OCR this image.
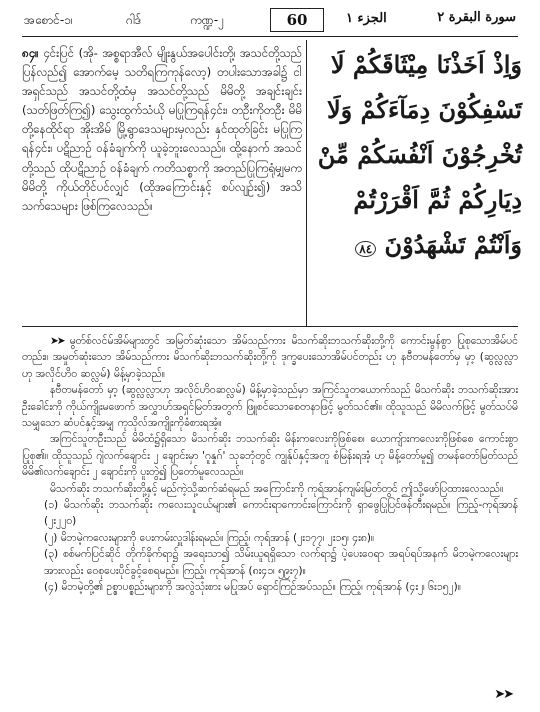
အစောင်-၁၊	ဂါဒ်	ကဏ္ဍ-၂	60	الجزء ١	سورة البقرة ٢

၈၄။ ၄င်းပြင် (အို- အစ္စရာအီလ် မျိုးနွယ်အပေါင်းတို့၊ အသင်တို့သည် ပြန်လည်၍ အောက်မေ့ သတိရကြကုန်လော့) တပါးသောအခါ၌ ငါအရှင်သည် အသင်တို့ထံမှ အသင်တို့သည် မိမိတို့ အချင်းချင်း (သတ်ဖြတ်ကြ၍) သွေးထွက်သံယို မပြုကြရန်၄င်း၊ တဦးကိုတဦး မိမိတို့နေထိုင်ရာ အိုးအိမ် မြို့ရွာဒေသများမှလည်း နှင်ထုတ်ခြင်း မပြုကြရန်၄င်း၊ ပဋိညာဉ် ဝန်ခံချက်ကို ယူခဲ့ဘူးလေသည်။ ထို့နောက် အသင်တို့သည် ထိုပဋိညာဉ် ဝန်ခံချက် ကတိသစ္စာကို အတည်ပြုကြရုံမျှမက မိမိတို့ ကိုယ်တိုင်ပင်လျှင် (ထိုအကြောင်းနှင့် စပ်လျဉ်း၍) အသိသက်သေများ ဖြစ်ကြလေသည်။

وَاِذْ اَخَذْنَا مِيْثَاقَكُمْ لَا
تَسْفِكُوْنَ دِمَآءَكُمْ وَلَا
تُخْرِجُوْنَ اَنْفُسَكُمْ مِّنْ
دِيَارِكُمْ ثُمَّ اَقْرَرْتُمْ
وَاَنْتُمْ تَشْهَدُوْنَ ٨٤

➤➤ မွတ်စ်လင်မ်အိမ်များတွင် အမြတ်ဆုံးသော အိမ်သည်ကား မိသက်ဆိုးဘသက်ဆိုးတို့ကို ကောင်းမွန်စွာ ပြုစုသောအိမ်ပင်တည်း။ အမှုတ်ဆုံးသော အိမ်သည်ကား မိသက်ဆိုးဘသက်ဆိုးတို့ကို ဒုက္ခပေးသောအိမ်ပင်တည်း ဟု နဗီတမန်တော်မှ မှာ့ (ဆွလ္လလ္လာဟု အလိုင်ဟိဝ ဆလ္လမ်) မိန့်မှာခဲ့သည်။

နဗီတမန်တော် မှာ့ (ဆွလ္လလ္လာဟု အလိုင်ဟိဝဆလ္လမ်) မိန့်မှာခဲ့သည်မှာ အကြင်သူတယောက်သည် မိသက်ဆိုး ဘသက်ဆိုးအား ဦးခေါင်းကို ကိုယ်ကျိုးမဖောက် အလွှာဟ်အရှင်မြတ်အတွက် ဖြူစင်သောစေတနာဖြင့် မွတ်သင်၏။ ထိုသူသည် မိမိလက်ဖြင့် မွတ်သပ်မိသမျှသော ဆံပင်နှင့်အမျှ ကုသိုလ်အကျိုးကိုခံစားရအံ့။

အကြင်သူတဦးသည် မိမိထံ၌ရှိသော မိသက်ဆိုး ဘသက်ဆိုး မိန်းကလေးကိုဖြစ်စေ၊ ယောကျ်ားကလေးကိုဖြစ်စေ ကောင်းစွာပြုစု၏။ ထိုသူသည် ဂျဲလက်ချောင်း ၂ ချောင်းမှာ 'ဂူနှုဂ်' သုခဘုံတွင် ကျွန်ုပ်နှင့်အတူ စံမြန်းရအံ့ ဟု မိန့်တော်မူ၍ တမန်တော်မြတ်သည် မိမိ၏လက်ချောင်း ၂ ချောင်းကို ပူးတွဲ၍ ပြတော်မူလေသည်။

မိသက်ဆိုး ဘသက်ဆိုးတို့နှင့် မည်ကဲ့သို့ဆက်ဆံရမည် အကြောင်းကို ကုရ်အာန်ကျမ်းမြတ်တွင် ဤသို့ဖော်ပြထားလေသည်။

(၁) မိသက်ဆိုး ဘသက်ဆိုး ကလေးသူငယ်များ၏ ကောင်းရာကောင်းကြောင်းကို ရှာဖွေပြုပြင်ဖန်တီးရမည်။ ကြည့်-ကုရ်အာန် (၂း၂၂၀)

(၂) မိဘမဲ့ကလေးများကို ပေးကမ်းလှူဒါန်းရမည်။ ကြည့်၊ ကုရ်အာန် (၂း၁၇၇၊ ၂း၁၅၊ ၄း၈)။

(၃) စစ်မက်ပြင်ဆိုင် တိုက်ခိုက်ရာ၌ အရေးသာ၍ သိမ်းယူရရှိသော လက်ရာ၌ ပဲ့ပေးဝေရာ အရပ်ရပ်အနက် မိဘမဲ့ကလေးများအားလည်း ဝေစုပေးပိုင်ခွင့်စေရမည်။ ကြည့်၊ ကုရ်အာန် (၈း၄၁၊ ၅၉း၇)။

(၄) မိဘမဲ့တို့၏ ဥစ္စာပစ္စည်းများကို အလွဲသုံးစား မပြုအပ် ရှောင်ကြဉ်အပ်သည်။ ကြည့်၊ ကုရ်အာန် (၄း၂၊ ၆း၁၅၂)။

➤➤
